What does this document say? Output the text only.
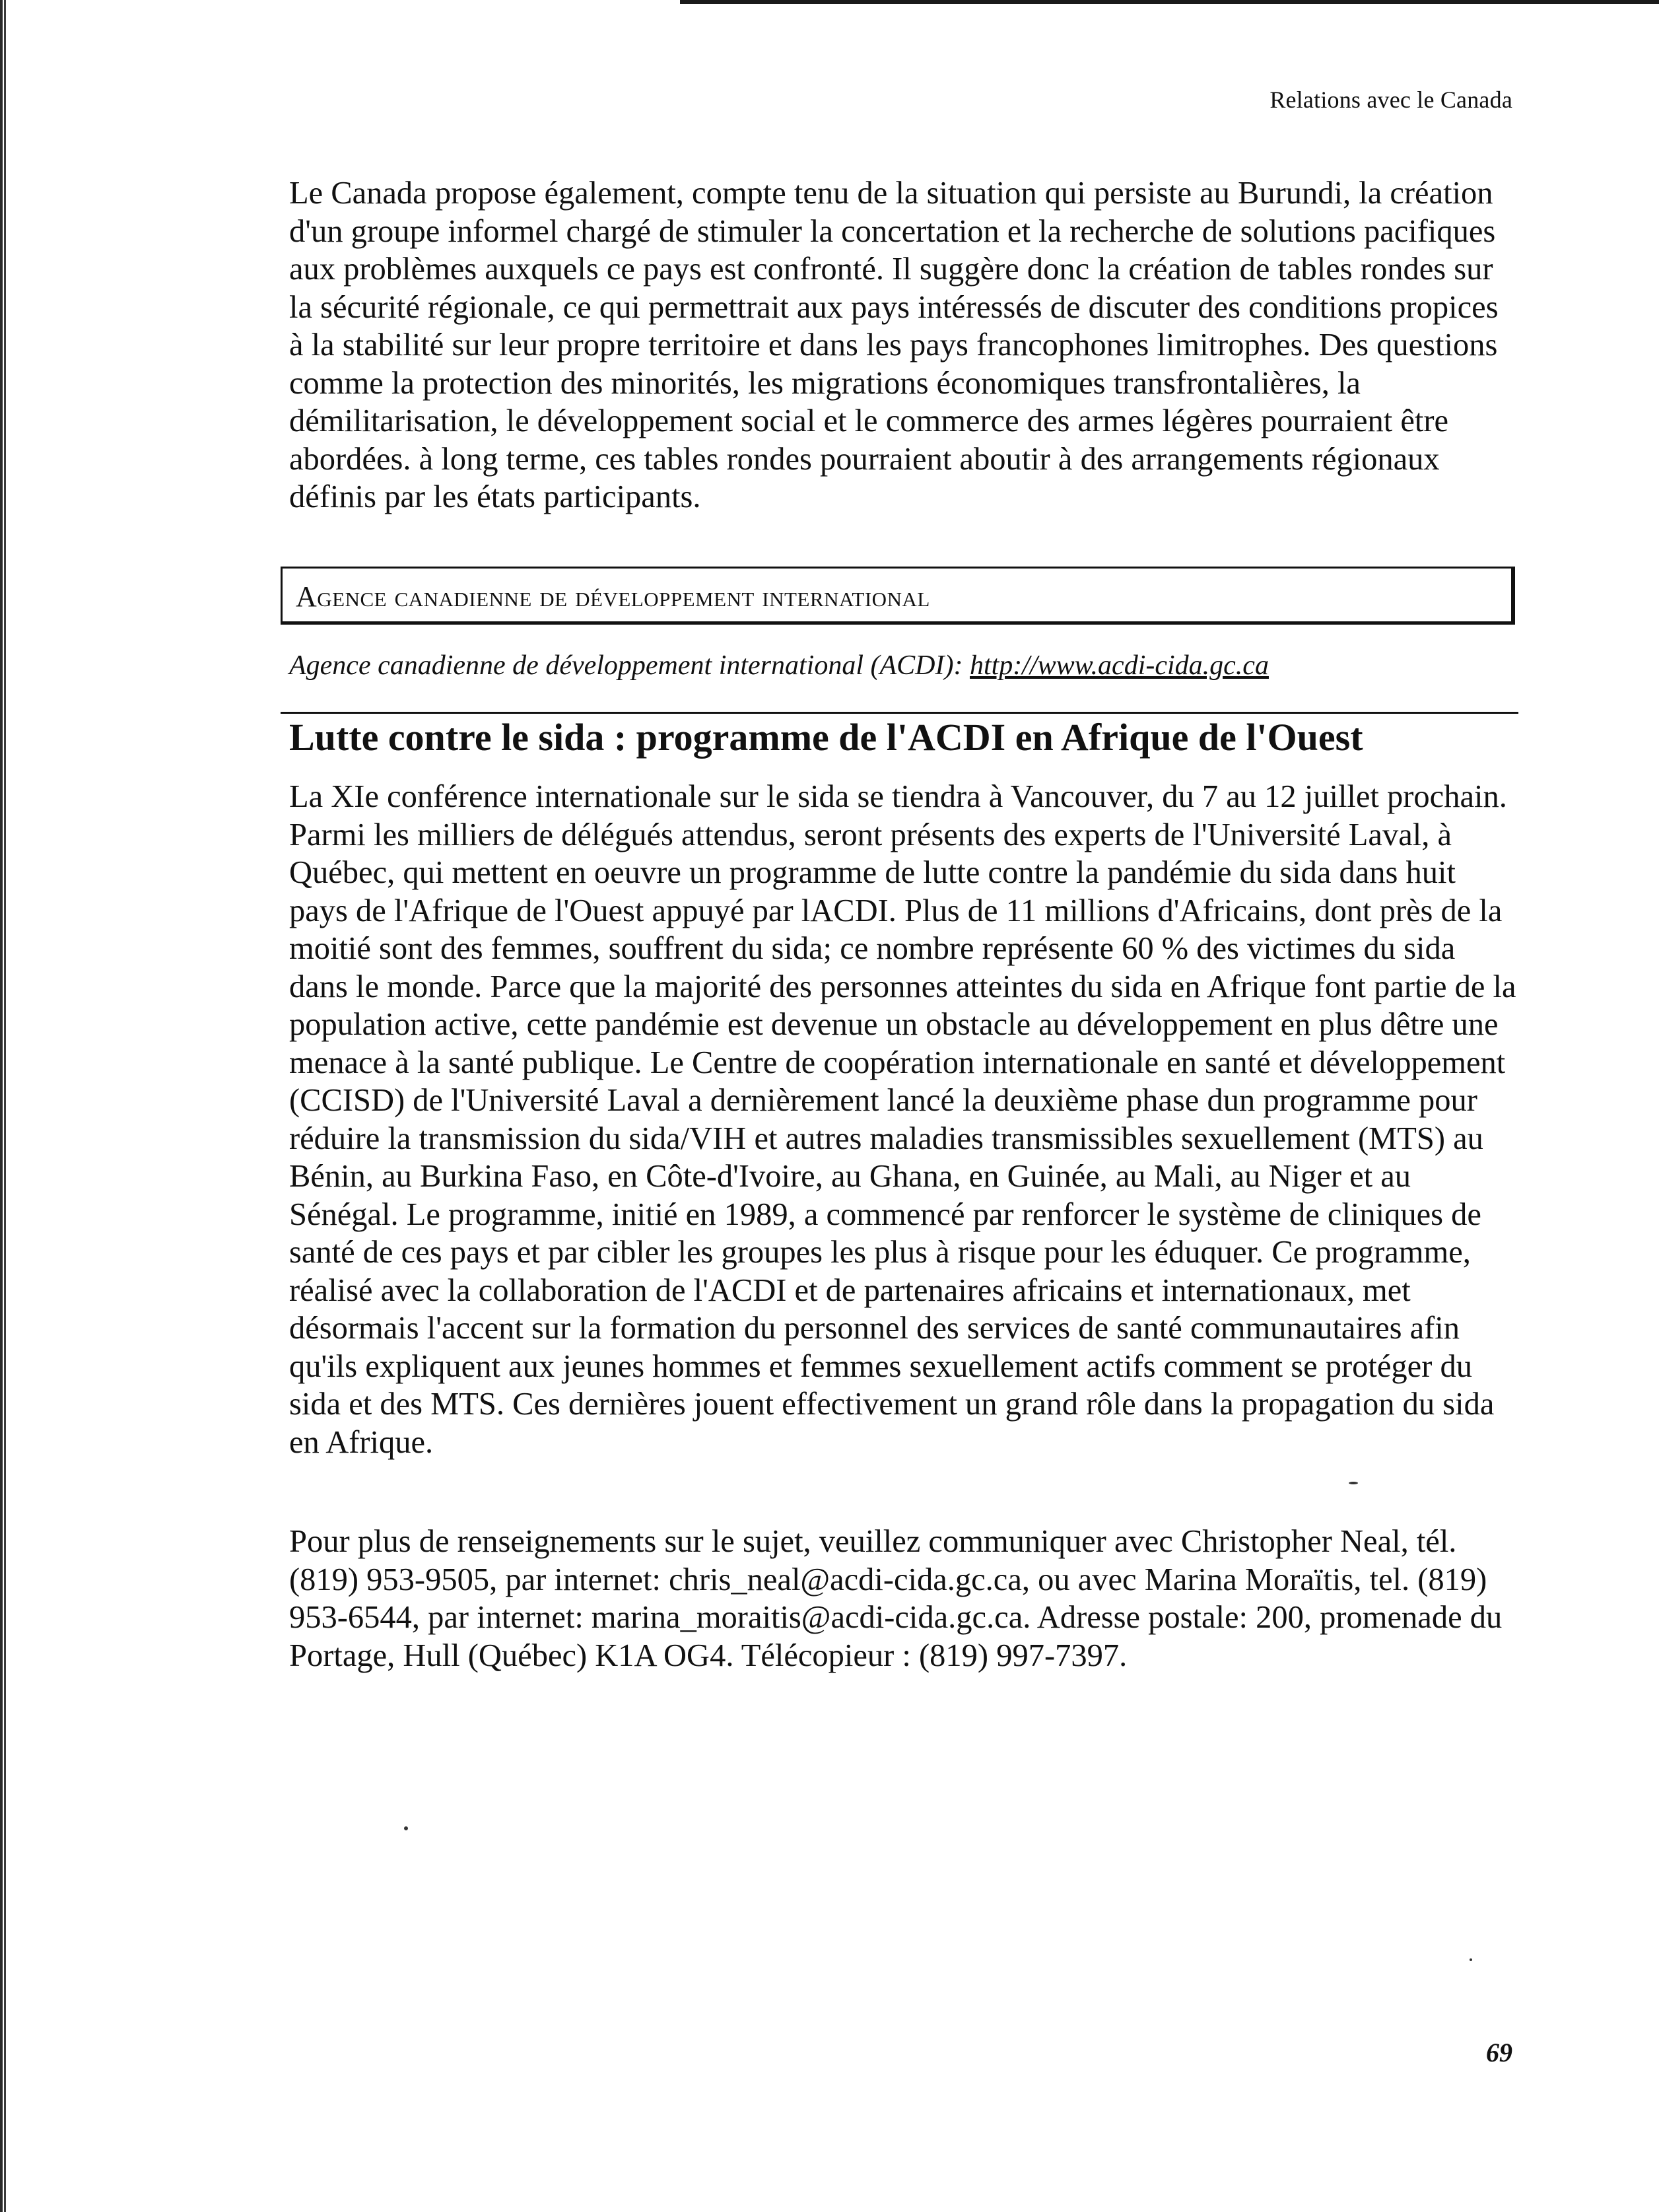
Relations avec le Canada

Le Canada propose également, compte tenu de la situation qui persiste au Burundi, la création d'un groupe informel chargé de stimuler la concertation et la recherche de solutions pacifiques aux problèmes auxquels ce pays est confronté. Il suggère donc la création de tables rondes sur la sécurité régionale, ce qui permettrait aux pays intéressés de discuter des conditions propices à la stabilité sur leur propre territoire et dans les pays francophones limitrophes. Des questions comme la protection des minorités, les migrations économiques transfrontalières, la démilitarisation, le développement social et le commerce des armes légères pourraient être abordées. à long terme, ces tables rondes pourraient aboutir à des arrangements régionaux définis par les états participants.

Agence canadienne de développement international

Agence canadienne de développement international (ACDI): http://www.acdi-cida.gc.ca

Lutte contre le sida : programme de l'ACDI en Afrique de l'Ouest

La XIe conférence internationale sur le sida se tiendra à Vancouver, du 7 au 12 juillet prochain. Parmi les milliers de délégués attendus, seront présents des experts de l'Université Laval, à Québec, qui mettent en oeuvre un programme de lutte contre la pandémie du sida dans huit pays de l'Afrique de l'Ouest appuyé par lACDI. Plus de 11 millions d'Africains, dont près de la moitié sont des femmes, souffrent du sida; ce nombre représente 60 % des victimes du sida dans le monde. Parce que la majorité des personnes atteintes du sida en Afrique font partie de la population active, cette pandémie est devenue un obstacle au développement en plus dêtre une menace à la santé publique. Le Centre de coopération internationale en santé et développement (CCISD) de l'Université Laval a dernièrement lancé la deuxième phase dun programme pour réduire la transmission du sida/VIH et autres maladies transmissibles sexuellement (MTS) au Bénin, au Burkina Faso, en Côte-d'Ivoire, au Ghana, en Guinée, au Mali, au Niger et au Sénégal. Le programme, initié en 1989, a commencé par renforcer le système de cliniques de santé de ces pays et par cibler les groupes les plus à risque pour les éduquer. Ce programme, réalisé avec la collaboration de l'ACDI et de partenaires africains et internationaux, met désormais l'accent sur la formation du personnel des services de santé communautaires afin qu'ils expliquent aux jeunes hommes et femmes sexuellement actifs comment se protéger du sida et des MTS. Ces dernières jouent effectivement un grand rôle dans la propagation du sida en Afrique.

Pour plus de renseignements sur le sujet, veuillez communiquer avec Christopher Neal, tél. (819) 953-9505, par internet: chris_neal@acdi-cida.gc.ca, ou avec Marina Moraïtis, tel. (819) 953-6544, par internet: marina_moraitis@acdi-cida.gc.ca. Adresse postale: 200, promenade du Portage, Hull (Québec) K1A OG4. Télécopieur : (819) 997-7397.

69
